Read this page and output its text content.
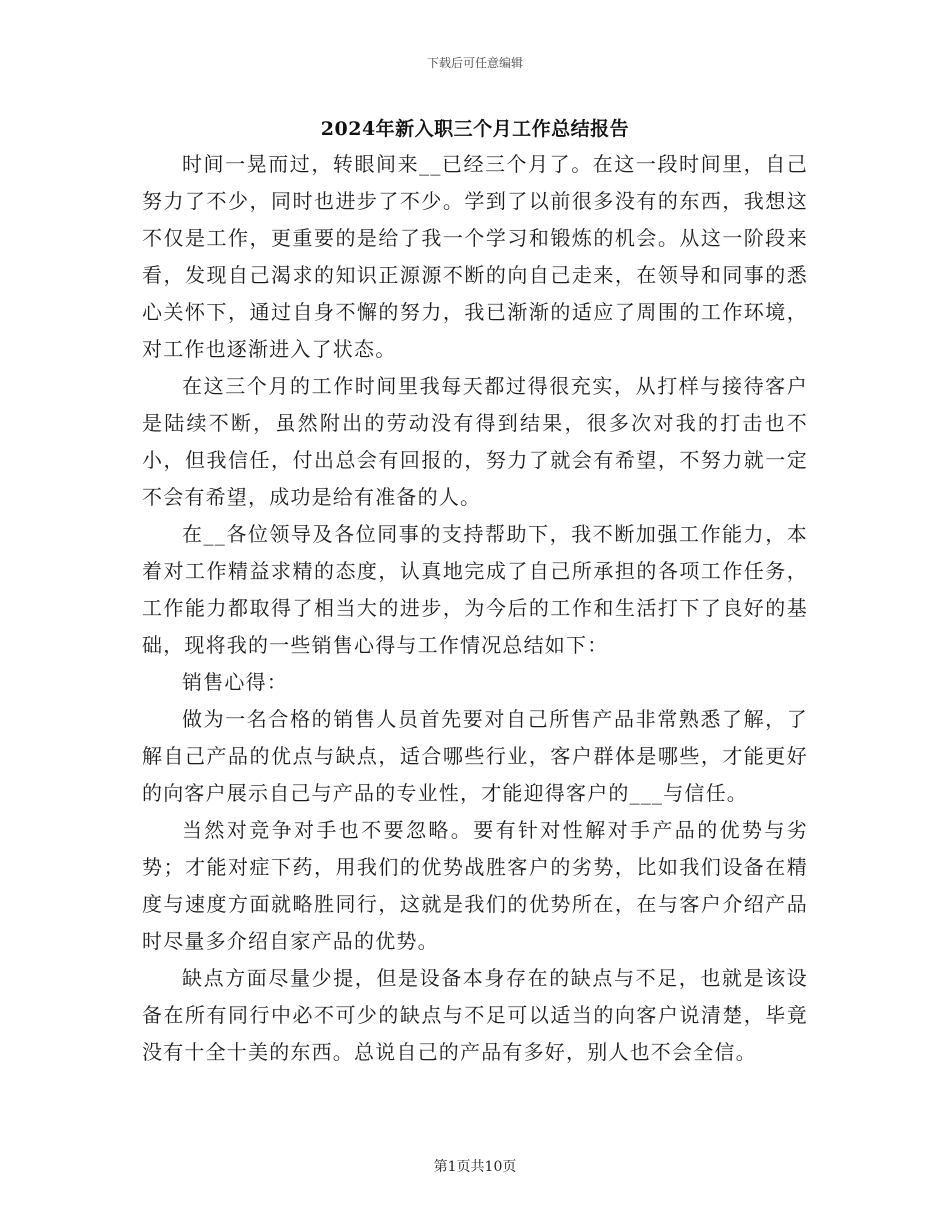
下载后可任意编辑
2024年新入职三个月工作总结报告

时间一晃而过，转眼间来__已经三个月了。在这一段时间里，自己努力了不少，同时也进步了不少。学到了以前很多没有的东西，我想这不仅是工作，更重要的是给了我一个学习和锻炼的机会。从这一阶段来看，发现自己渴求的知识正源源不断的向自己走来，在领导和同事的悉心关怀下，通过自身不懈的努力，我已渐渐的适应了周围的工作环境，对工作也逐渐进入了状态。

在这三个月的工作时间里我每天都过得很充实，从打样与接待客户是陆续不断，虽然附出的劳动没有得到结果，很多次对我的打击也不小，但我信任，付出总会有回报的，努力了就会有希望，不努力就一定不会有希望，成功是给有准备的人。

在__各位领导及各位同事的支持帮助下，我不断加强工作能力，本着对工作精益求精的态度，认真地完成了自己所承担的各项工作任务，工作能力都取得了相当大的进步，为今后的工作和生活打下了良好的基础，现将我的一些销售心得与工作情况总结如下：

销售心得：

做为一名合格的销售人员首先要对自己所售产品非常熟悉了解，了解自己产品的优点与缺点，适合哪些行业，客户群体是哪些，才能更好的向客户展示自己与产品的专业性，才能迎得客户的___与信任。

当然对竞争对手也不要忽略。要有针对性解对手产品的优势与劣势；才能对症下药，用我们的优势战胜客户的劣势，比如我们设备在精度与速度方面就略胜同行，这就是我们的优势所在，在与客户介绍产品时尽量多介绍自家产品的优势。

缺点方面尽量少提，但是设备本身存在的缺点与不足，也就是该设备在所有同行中必不可少的缺点与不足可以适当的向客户说清楚，毕竟没有十全十美的东西。总说自己的产品有多好，别人也不会全信。

第1页共10页
